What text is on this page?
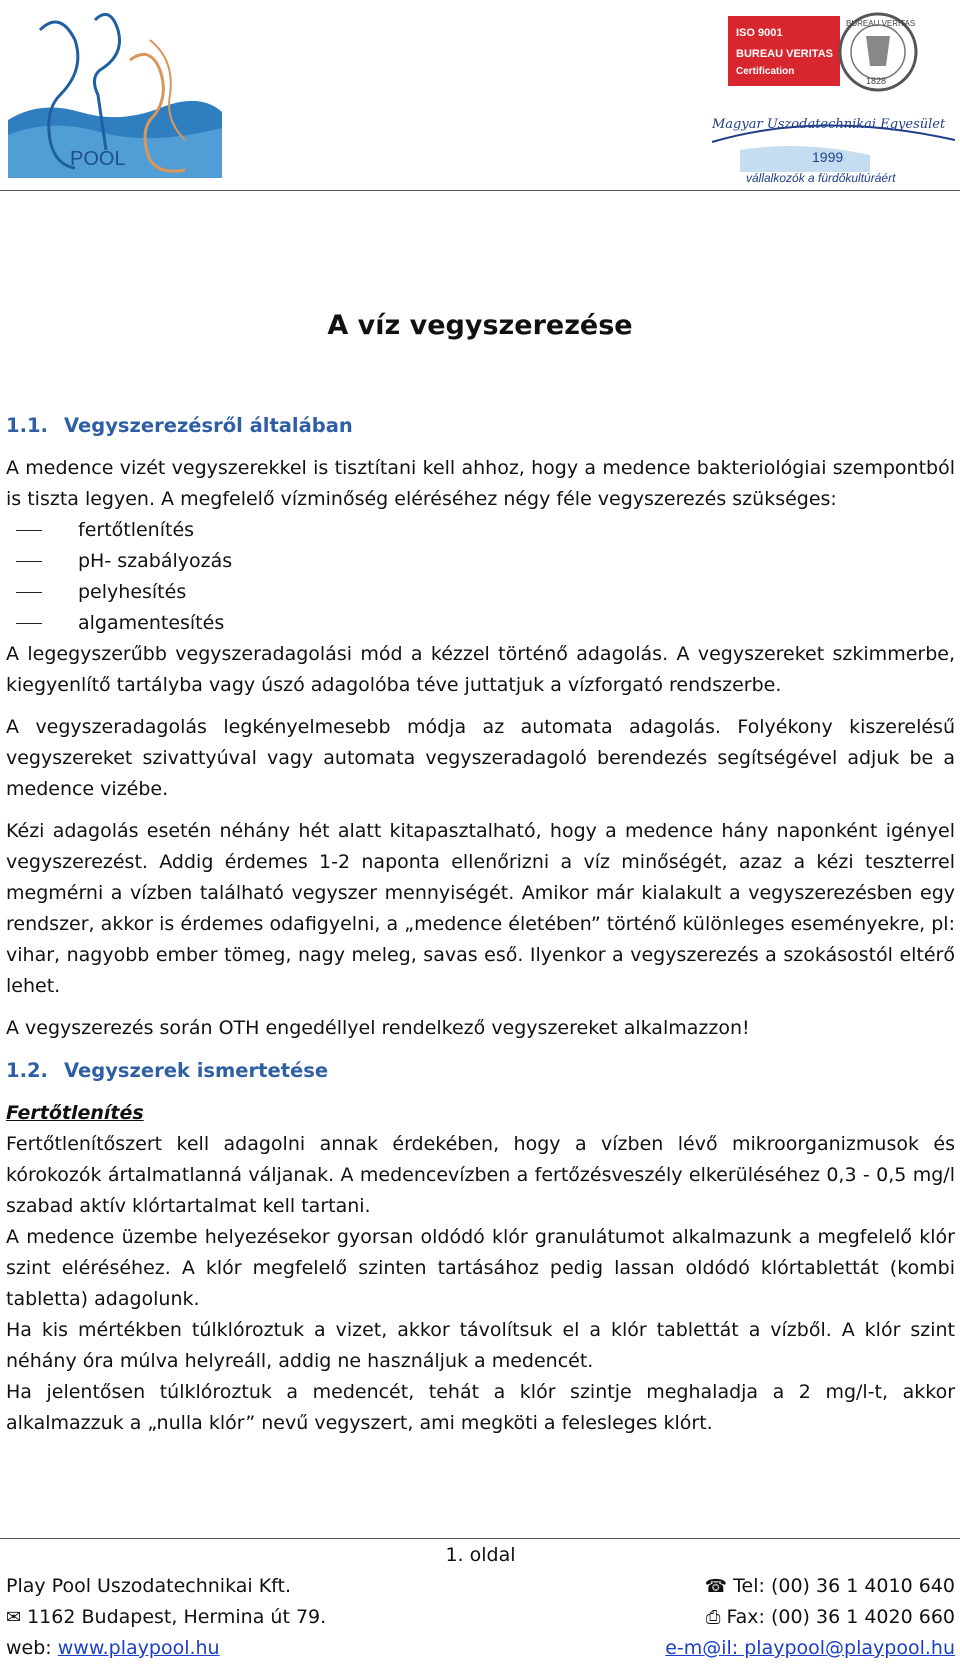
POOL
ISO 9001
BUREAU VERITAS
Certification
BUREAU VERITAS
1828
Magyar Uszodatechnikai Egyesület
1999
vállalkozók a fürdőkultúráért
A víz vegyszerezése
1.1. Vegyszerezésről általában

A medence vizét vegyszerekkel is tisztítani kell ahhoz, hogy a medence bakteriológiai szempontból is tiszta legyen. A megfelelő vízminőség eléréséhez négy féle vegyszerezés szükséges:

fertőtlenítés
pH- szabályozás
pelyhesítés
algamentesítés

A legegyszerűbb vegyszeradagolási mód a kézzel történő adagolás. A vegyszereket szkimmerbe, kiegyenlítő tartályba vagy úszó adagolóba téve juttatjuk a vízforgató rendszerbe.

A vegyszeradagolás legkényelmesebb módja az automata adagolás. Folyékony kiszerelésű vegyszereket szivattyúval vagy automata vegyszeradagoló berendezés segítségével adjuk be a medence vizébe.

Kézi adagolás esetén néhány hét alatt kitapasztalható, hogy a medence hány naponként igényel vegyszerezést. Addig érdemes 1-2 naponta ellenőrizni a víz minőségét, azaz a kézi teszterrel megmérni a vízben található vegyszer mennyiségét. Amikor már kialakult a vegyszerezésben egy rendszer, akkor is érdemes odafigyelni, a „medence életében” történő különleges eseményekre, pl: vihar, nagyobb ember tömeg, nagy meleg, savas eső. Ilyenkor a vegyszerezés a szokásostól eltérő lehet.

A vegyszerezés során OTH engedéllyel rendelkező vegyszereket alkalmazzon!

1.2. Vegyszerek ismertetése
Fertőtlenítés

Fertőtlenítőszert kell adagolni annak érdekében, hogy a vízben lévő mikroorganizmusok és kórokozók ártalmatlanná váljanak. A medencevízben a fertőzésveszély elkerüléséhez 0,3 - 0,5 mg/l szabad aktív klórtartalmat kell tartani.

A medence üzembe helyezésekor gyorsan oldódó klór granulátumot alkalmazunk a megfelelő klór szint eléréséhez. A klór megfelelő szinten tartásához pedig lassan oldódó klórtablettát (kombi tabletta) adagolunk.

Ha kis mértékben túlklóroztuk a vizet, akkor távolítsuk el a klór tablettát a vízből. A klór szint néhány óra múlva helyreáll, addig ne használjuk a medencét.

Ha jelentősen túlklóroztuk a medencét, tehát a klór szintje meghaladja a 2 mg/l-t, akkor alkalmazzuk a „nulla klór” nevű vegyszert, ami megköti a felesleges klórt.

1. oldal
Play Pool Uszodatechnikai Kft.	☎ Tel: (00) 36 1 4010 640
✉ 1162 Budapest, Hermina út 79.	⎙ Fax: (00) 36 1 4020 660
web: www.playpool.hu	e-m@il: playpool@playpool.hu
